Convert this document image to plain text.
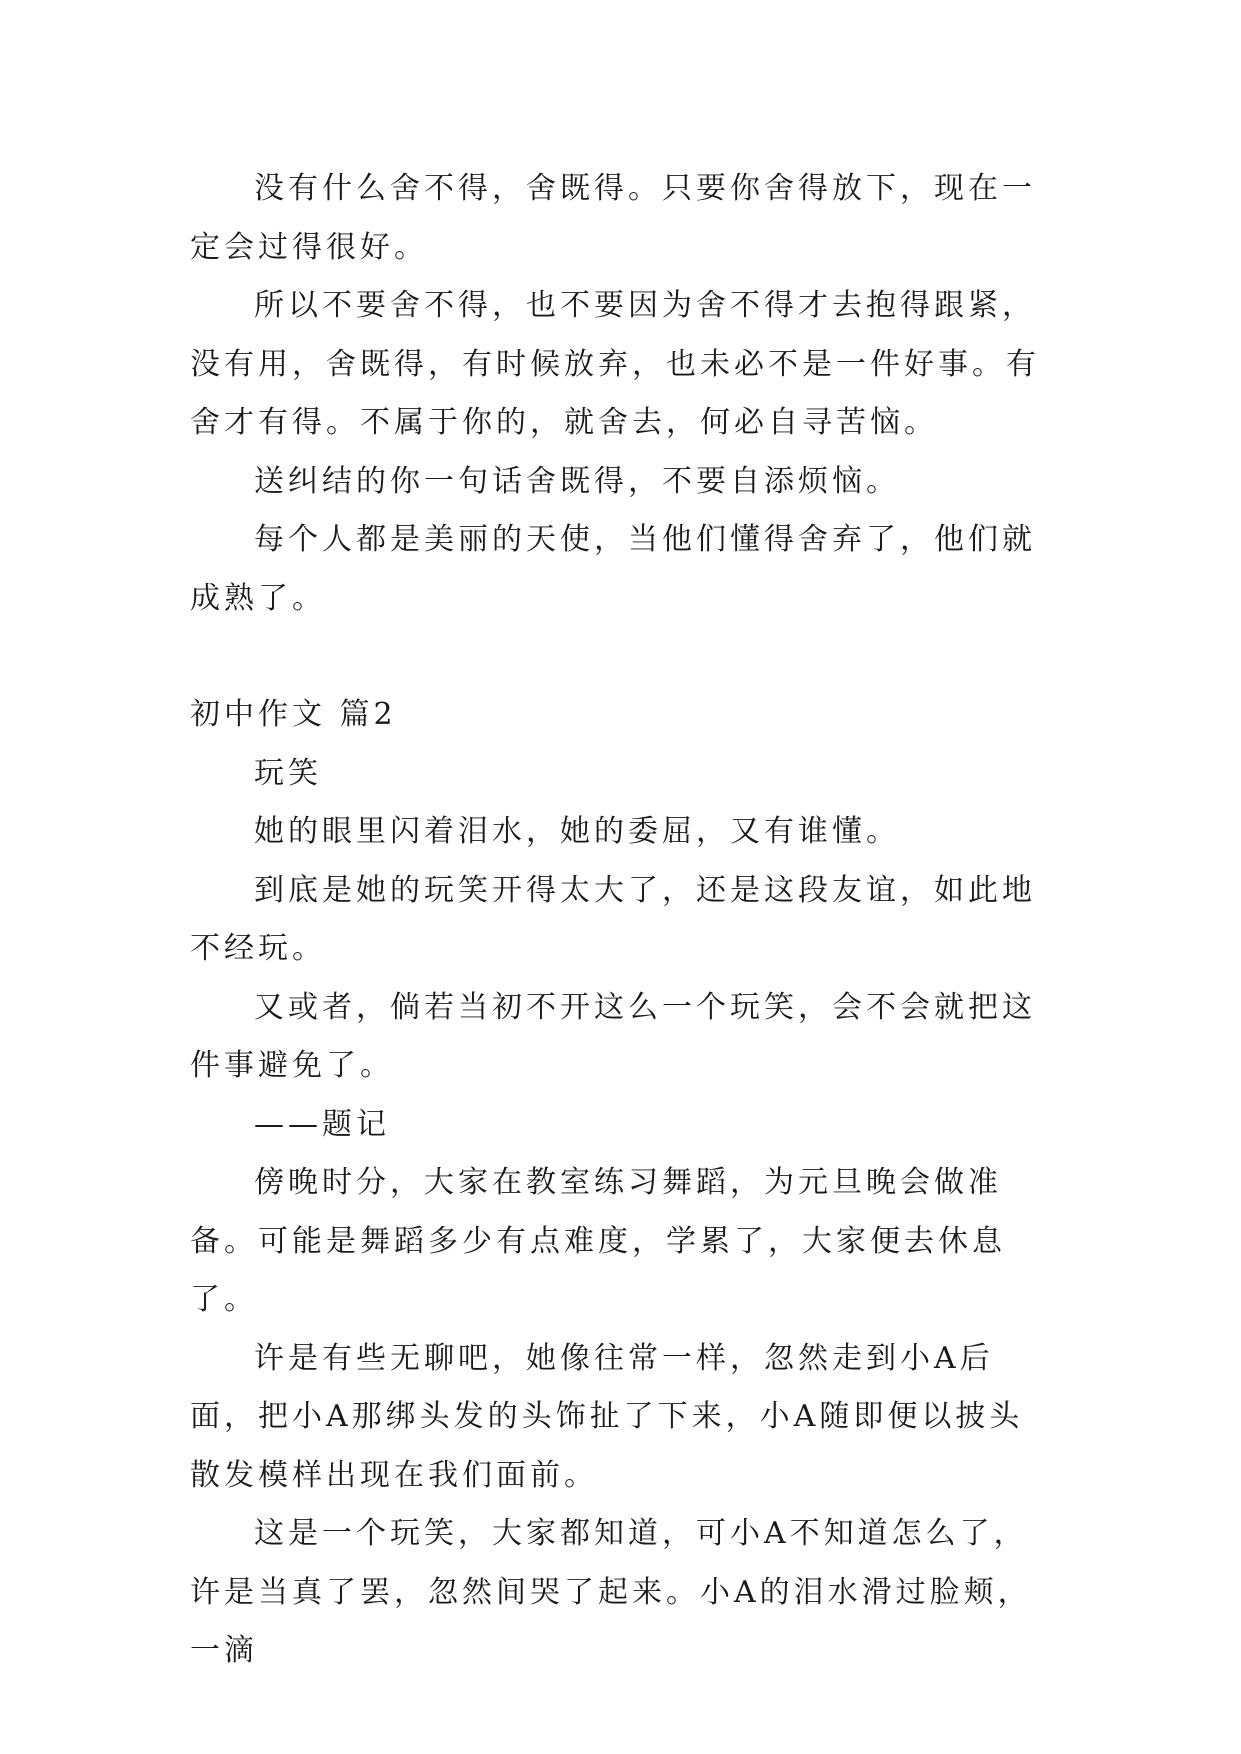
没有什么舍不得，舍既得。只要你舍得放下，现在一定会过得很好。

所以不要舍不得，也不要因为舍不得才去抱得跟紧，没有用，舍既得，有时候放弃，也未必不是一件好事。有舍才有得。不属于你的，就舍去，何必自寻苦恼。

送纠结的你一句话舍既得，不要自添烦恼。

每个人都是美丽的天使，当他们懂得舍弃了，他们就成熟了。

初中作文 篇2

玩笑

她的眼里闪着泪水，她的委屈，又有谁懂。

到底是她的玩笑开得太大了，还是这段友谊，如此地不经玩。

又或者，倘若当初不开这么一个玩笑，会不会就把这件事避免了。

——题记

傍晚时分，大家在教室练习舞蹈，为元旦晚会做准备。可能是舞蹈多少有点难度，学累了，大家便去休息了。

许是有些无聊吧，她像往常一样，忽然走到小A后面，把小A那绑头发的头饰扯了下来，小A随即便以披头散发模样出现在我们面前。

这是一个玩笑，大家都知道，可小A不知道怎么了，许是当真了罢，忽然间哭了起来。小A的泪水滑过脸颊，一滴
